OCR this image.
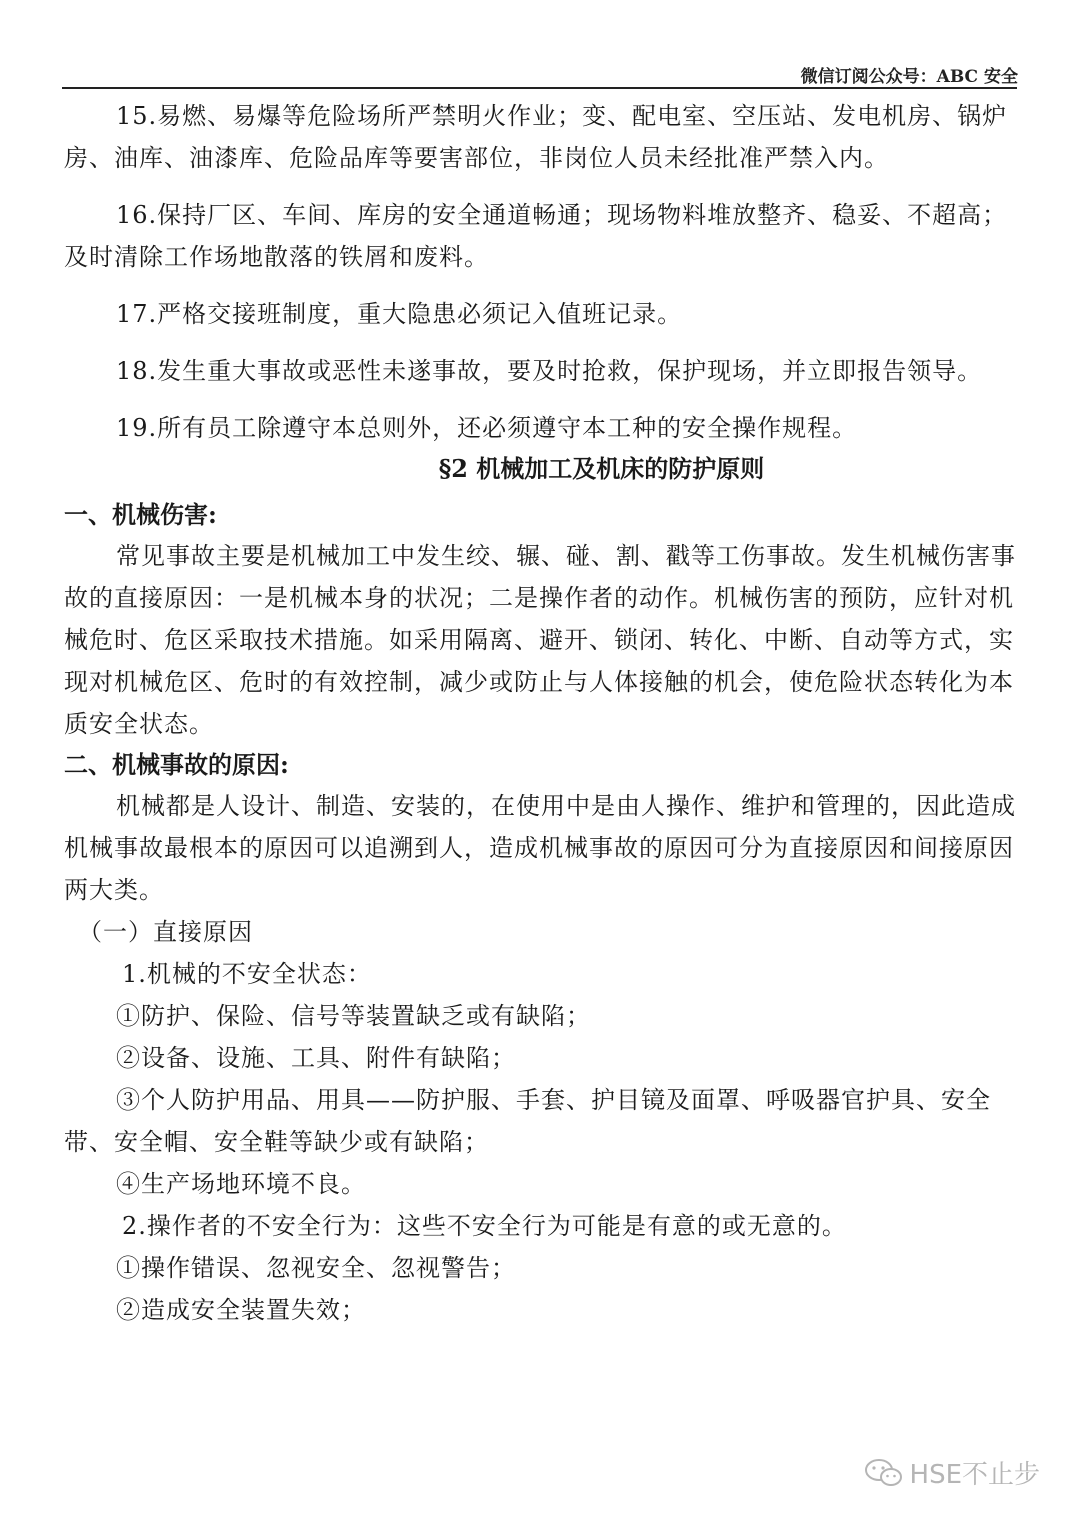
微信订阅公众号：ABC 安全

15.易燃、易爆等危险场所严禁明火作业；变、配电室、空压站、发电机房、锅炉房、油库、油漆库、危险品库等要害部位，非岗位人员未经批准严禁入内。

16.保持厂区、车间、库房的安全通道畅通；现场物料堆放整齐、稳妥、不超高；及时清除工作场地散落的铁屑和废料。

17.严格交接班制度，重大隐患必须记入值班记录。

18.发生重大事故或恶性未遂事故，要及时抢救，保护现场，并立即报告领导。

19.所有员工除遵守本总则外，还必须遵守本工种的安全操作规程。

§2 机械加工及机床的防护原则

一、机械伤害:

常见事故主要是机械加工中发生绞、辗、碰、割、戳等工伤事故。发生机械伤害事故的直接原因：一是机械本身的状况；二是操作者的动作。机械伤害的预防，应针对机械危时、危区采取技术措施。如采用隔离、避开、锁闭、转化、中断、自动等方式，实现对机械危区、危时的有效控制，减少或防止与人体接触的机会，使危险状态转化为本质安全状态。

二、机械事故的原因:

机械都是人设计、制造、安装的，在使用中是由人操作、维护和管理的，因此造成机械事故最根本的原因可以追溯到人，造成机械事故的原因可分为直接原因和间接原因两大类。

（一）直接原因

1.机械的不安全状态：

①防护、保险、信号等装置缺乏或有缺陷；

②设备、设施、工具、附件有缺陷；

③个人防护用品、用具——防护服、手套、护目镜及面罩、呼吸器官护具、安全带、安全帽、安全鞋等缺少或有缺陷；

④生产场地环境不良。

2.操作者的不安全行为：这些不安全行为可能是有意的或无意的。

①操作错误、忽视安全、忽视警告；

②造成安全装置失效；

HSE不止步
